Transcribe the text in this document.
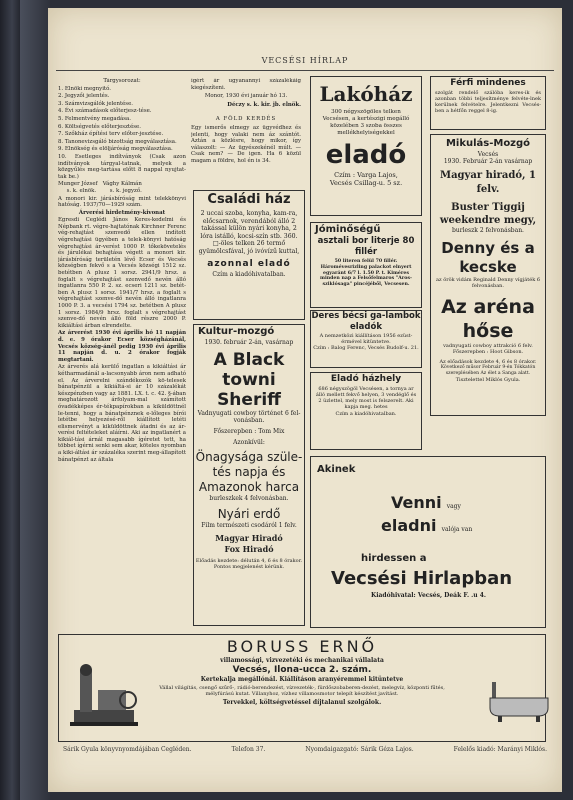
VECSÉSI HÍRLAP

Tárgysorozat:

1. Elnöki megnyitó.

2. Jegyzői jelentés.

3. Számvizsgálók jelentése.

4. Évi számadások előterjesz-tése.

5. Felmentvény megadása.

6. Költségvetés előterjesztése.

7. Szőkház építési terv előter-jesztése.

8. Tanonevizsgáló bizottság megválasztása.

9. Elnökség és elöljáróság megválasztása.

10. Esetleges indítványok (Csak azon indítványok tárgyal-tatnak, melyek a közgyűlés meg-tartása előtt 8 nappal nyujtat-tak be.)

Munger József   Vághy Kálmán
s. k. elnök.        s. k. jegyző.

A monori kir. járásbíróság mint telekkönyvi hatóság. 1937/70—1929 szám.

Árverési hirdetmény-kivonat

Egresdi Ceglédi János Keres-kedelmi és Népbank rt. végre-hajtatónak Kirchner Ferenc vég-rehajtást szenvedő ellen indított végrehajtási ügyében a telek-könyvi hatóság végrehajtási ár-verést 1000 P. tőkekövetelés és járulékai behajtása végett a monori kir. járásbíróság területén lévő Ecser és Vecsés községben fekvő s a Vecsés községi 1512 sz. betétben A plusz 1 sorsz. 2941/9 hrsz. a foglalt s végrehajtást szenvedő nevén álló ingatlanra 550 P. 2. sz. ecseri 1211 sz. betét-ben A plusz 1 sorsz. 1941/7 hrsz. a foglalt s végrehajtást szenve-dő nevén álló ingatlanra 1000 P. 3. a vecsési 1794 sz. betétben A plusz 1 sorsz. 1984/9 hrsz. foglalt s végrehajtást szenve-dő nevén álló föld részre 2000 P. kikiáltási árban elrendelte.

Az árverést 1930 évi április hó 11 napján d. e. 9 órakor Ecser községházánál, Vecsés község-ánél pedig 1930 évi április 11 napján d. u. 2 órakor fogják megtartani.

Az árverés alá kerülő ingatlan a kikiáltási ár kétharmadánál a-lacsonyabb áron nem adható el. Az árverelni szándékozók kö-telesek bánatpénzül a kikiáltá-si ár 10 százalékát készpénzben vagy az 1881. LX. t. c. 42. §-ában meghatározott árfolyam-mal számított óvadékképes ér-tékpapírokban a kiküldöttnél le-tenni, hogy a bánatpénznek e-lőleges bírói letétbe helyezésé-ről kiállított letéti elismervényt a kiküldöttnek átadni és az ár-verési feltételeket aláírni. Aki az ingatlanért a kikiál-tási árnál magasabb ígéretet tett, ha többet ígérni senki sem akar, köteles nyomban a kiki-áltási ár százaléka szerint meg-állapított bánatpénzt az általa

ígért ár ugyanannyi százalékáig kiegészíteni.

Monor, 1930 évi január hó 13.

Déczy s. k. kir. jb. elnök.

A FÖLD KERDÉS

Egy ismerős elmegy az ügyvédhez és jelenti, hogy valaki nem áz szántót. Aztán a közlésre, hogy mikor, így válaszolt: — Az ügyészekénél múlt. — Csak nem? — De igen. Ha 6 közül magam a földre, hol én is 34.

Lakóház
300 négyszögöles telken Vecsésen, a kertészigi megálló közelében 3 szoba összes mellékhelyiségekkel
eladó
Czím : Varga Lajos,
Vecsés Csillag-u. 5 sz.
Férfi mindenes
szolgát rendelő szálóba keres-ik és azonban többi teljesítménye felvéte-lnek kerülnek felvételre. Jelentkezni Vecsés-ben a hétfőn reggel 8-ig.
Mikulás-Mozgó
Vecsés
1930. Február 2-án vasárnap
Magyar hiradó, 1 felv.
Buster Tiggij weekendre megy,
burleszk 2 felvonásban.
Denny és a kecske
az örök vidám Reginald Denny vígjáték 6 felvonásban.
Az aréna hőse
vadnyugati cowboy attrakció 6 felv. Főszerepben : Hoot Gibson.
Az előadások kezdete 4, 6 és 8 órakor.
Következő műsor Február 9-én Tókkatón szereplésében Az élet a Sanga alatt.
Tisztelettel Miklós Gyula.
Családi ház
2 uccai szoba, konyha, kam-ra, előcsarnok, verendából álló 2 takással külön nyári konyha, 2 lóra istálló, kocsi-szín stb. 360. □-öles telken 26 termő gyümölcsfával, jó ivóvízű kuttal,
azonnal eladó
Czím a kiadóhivatalban.
Jóminőségű
asztali bor literje 80 fillér
50 literen felül 70 fillér. Háromévesrizling palackot elnyert egyaránt 6/7 l. 1.50 P. t. Kiméres minden nap a Felsőfelmaros "Aros-sziklósaga" pincéjéből, Vecsesen.
Deres bécsi ga-lambok eladók
A nemzetközi kiállításon 1956 ezüst-érmével kitüntetve.
Czím : Balog Ferenc, Vecsés Budolf-u. 21.
Kultur-mozgó
1930. február 2-án, vasárnap
A Black towni Sheriff
Vadnyugati cowboy történet 6 fel-vonásban.
Főszerepben : Tom Mix
Azonkívül:
Önagysága szüle-tés napja és Amazonok harca
burleszkek 4 felvonásban.
Nyári erdő
Film természeti csodáról 1 felv.
Magyar Hiradó
Fox Hiradó
Előadás kezdete: délután 4, 6 és 8 órakor.
Pontos megjelenést kérünk.
Eladó házhely
686 négyszögöl Vecsésen, a tornya ar álló mellett fekvő helyen, 3 vendéglő és 2 üzlettel, mely most is felszerelt. Aki kapja meg. hetes
Czím a kiadóhivatalban.
Akinek
Venni vagy
eladni valója van
hirdessen a
Vecsési Hirlapban
Kiadóhivatal: Vecsés, Deák F. .u 4.
BORUSS ERNŐ
villamossági, vizvezetéki és mechanikai vállalata
Vecsés, Ilona-ucca 2. szám.
Kertekalja megállónál. Kiállításon aranyéremmel kitüntetve
Vállal világítás, csengő szűrő-, rádió-berendezést, vízvezeték-, fürdőszobaberen-dezést, melegvíz, központi fűtés, mélyfúrású kutat. Villanyhoz, vízhez villamosmotor telepít készítést javítást.
Tervekkel, költségvetéssel díjtalanul szolgálok.
Sárik Gyula könyvnyomdájában Cegléden.	Telefon 37.	Nyomdaigazgató: Sárik Géza Lajos.	Felelős kiadó: Marányi Miklós.
